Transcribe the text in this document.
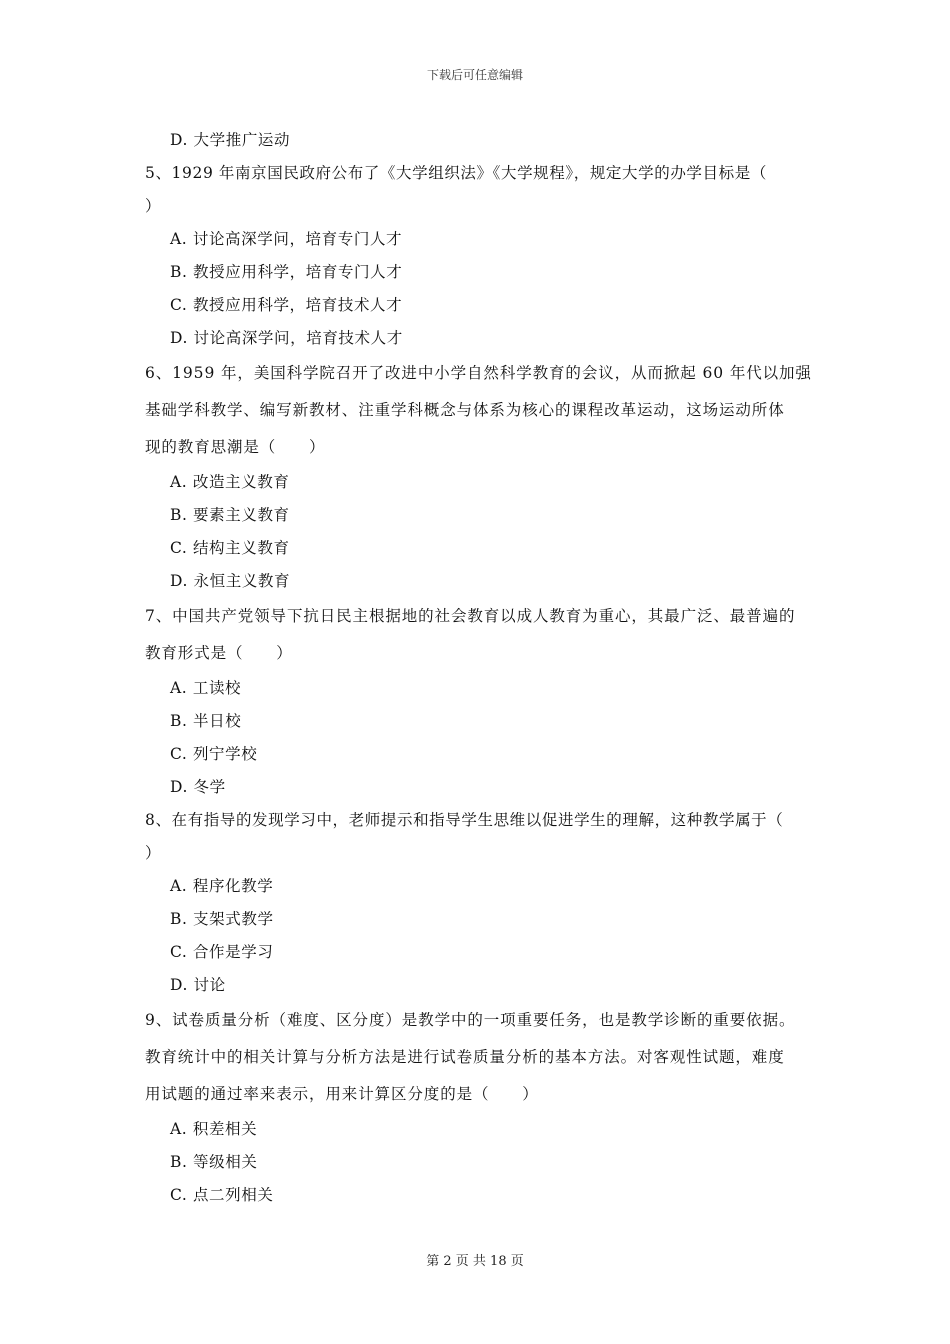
下载后可任意编辑
D. 大学推广运动
5、1929 年南京国民政府公布了《大学组织法》《大学规程》，规定大学的办学目标是（
）
A. 讨论高深学问，培育专门人才
B. 教授应用科学，培育专门人才
C. 教授应用科学，培育技术人才
D. 讨论高深学问，培育技术人才
6、1959 年，美国科学院召开了改进中小学自然科学教育的会议，从而掀起 60 年代以加强
基础学科教学、编写新教材、注重学科概念与体系为核心的课程改革运动，这场运动所体
现的教育思潮是（　　）
A. 改造主义教育
B. 要素主义教育
C. 结构主义教育
D. 永恒主义教育
7、中国共产党领导下抗日民主根据地的社会教育以成人教育为重心，其最广泛、最普遍的
教育形式是（　　）
A. 工读校
B. 半日校
C. 列宁学校
D. 冬学
8、在有指导的发现学习中，老师提示和指导学生思维以促进学生的理解，这种教学属于（
）
A. 程序化教学
B. 支架式教学
C. 合作是学习
D. 讨论
9、试卷质量分析（难度、区分度）是教学中的一项重要任务，也是教学诊断的重要依据。
教育统计中的相关计算与分析方法是进行试卷质量分析的基本方法。对客观性试题，难度
用试题的通过率来表示，用来计算区分度的是（　　）
A. 积差相关
B. 等级相关
C. 点二列相关
第 2 页 共 18 页
